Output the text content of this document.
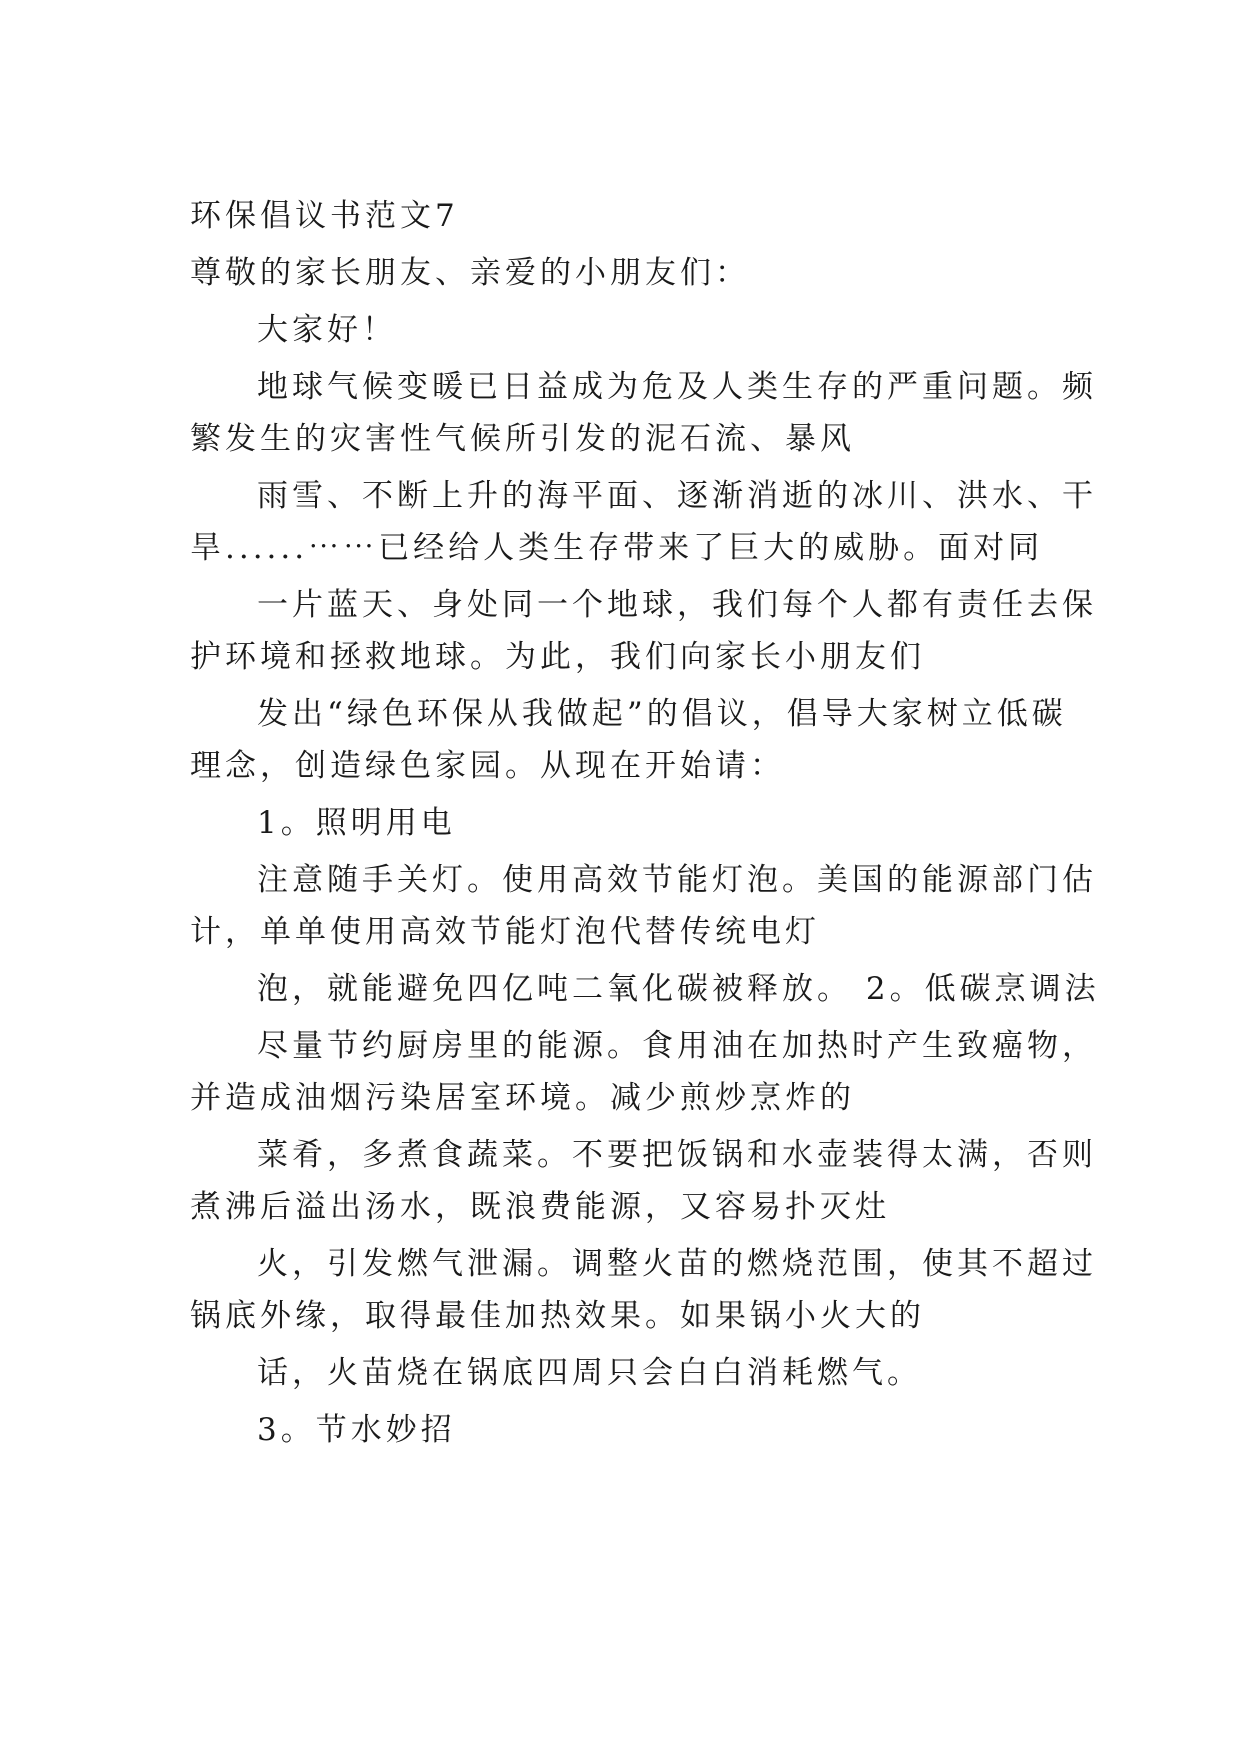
环保倡议书范文7
尊敬的家长朋友、亲爱的小朋友们：
大家好！
地球气候变暖已日益成为危及人类生存的严重问题。频
繁发生的灾害性气候所引发的泥石流、暴风
雨雪、不断上升的海平面、逐渐消逝的冰川、洪水、干
旱......⋯⋯已经给人类生存带来了巨大的威胁。面对同
一片蓝天、身处同一个地球，我们每个人都有责任去保
护环境和拯救地球。为此，我们向家长小朋友们
发出“绿色环保从我做起”的倡议，倡导大家树立低碳
理念，创造绿色家园。从现在开始请：
1。照明用电
注意随手关灯。使用高效节能灯泡。美国的能源部门估
计，单单使用高效节能灯泡代替传统电灯
泡，就能避免四亿吨二氧化碳被释放。 2。低碳烹调法
尽量节约厨房里的能源。食用油在加热时产生致癌物，
并造成油烟污染居室环境。减少煎炒烹炸的
菜肴，多煮食蔬菜。不要把饭锅和水壶装得太满，否则
煮沸后溢出汤水，既浪费能源，又容易扑灭灶
火，引发燃气泄漏。调整火苗的燃烧范围，使其不超过
锅底外缘，取得最佳加热效果。如果锅小火大的
话，火苗烧在锅底四周只会白白消耗燃气。
3。节水妙招
